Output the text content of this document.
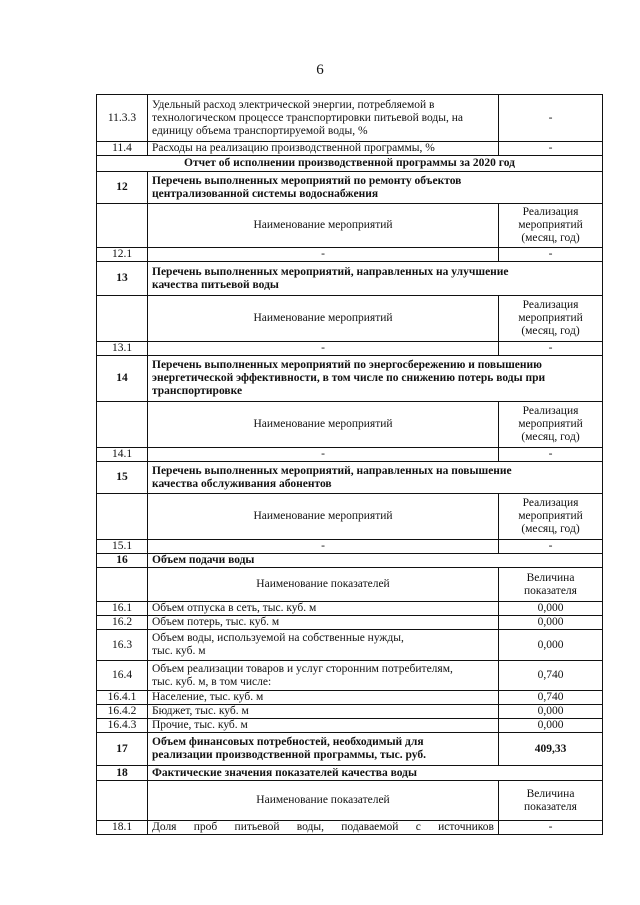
6
11.3.3	Удельный расход электрической энергии, потребляемой в технологическом процессе транспортировки питьевой воды, на единицу объема транспортируемой воды, %	-
11.4	Расходы на реализацию производственной программы, %	-
Отчет об исполнении производственной программы за 2020 год		
12	Перечень выполненных мероприятий по ремонту объектов
централизованной системы водоснабжения	

	Наименование мероприятий	Реализация
мероприятий
(месяц, год)
12.1	-	-
13	Перечень выполненных мероприятий, направленных на улучшение
качества питьевой воды	

	Наименование мероприятий	Реализация
мероприятий
(месяц, год)
13.1	-	-
14	Перечень выполненных мероприятий по энергосбережению и повышению
энергетической эффективности, в том числе по снижению потерь воды при
транспортировке	

	Наименование мероприятий	Реализация
мероприятий
(месяц, год)
14.1	-	-
15	Перечень выполненных мероприятий, направленных на повышение
качества обслуживания абонентов	

	Наименование мероприятий	Реализация
мероприятий
(месяц, год)
15.1	-	-
16	Объем подачи воды	
	Наименование показателей	Величина
показателя
16.1	Объем отпуска в сеть, тыс. куб. м	0,000
16.2	Объем потерь, тыс. куб. м	0,000
16.3	Объем воды, используемой на собственные нужды,
тыс. куб. м	0,000
16.4	Объем реализации товаров и услуг сторонним потребителям,
тыс. куб. м, в том числе:	0,740
16.4.1	Население, тыс. куб. м	0,740
16.4.2	Бюджет, тыс. куб. м	0,000
16.4.3	Прочие, тыс. куб. м	0,000
17	Объем финансовых потребностей, необходимый для
реализации производственной программы, тыс. руб.	409,33
18	Фактические значения показателей качества воды	
	Наименование показателей	Величина
показателя
18.1	Доля проб питьевой воды, подаваемой с источников	-
